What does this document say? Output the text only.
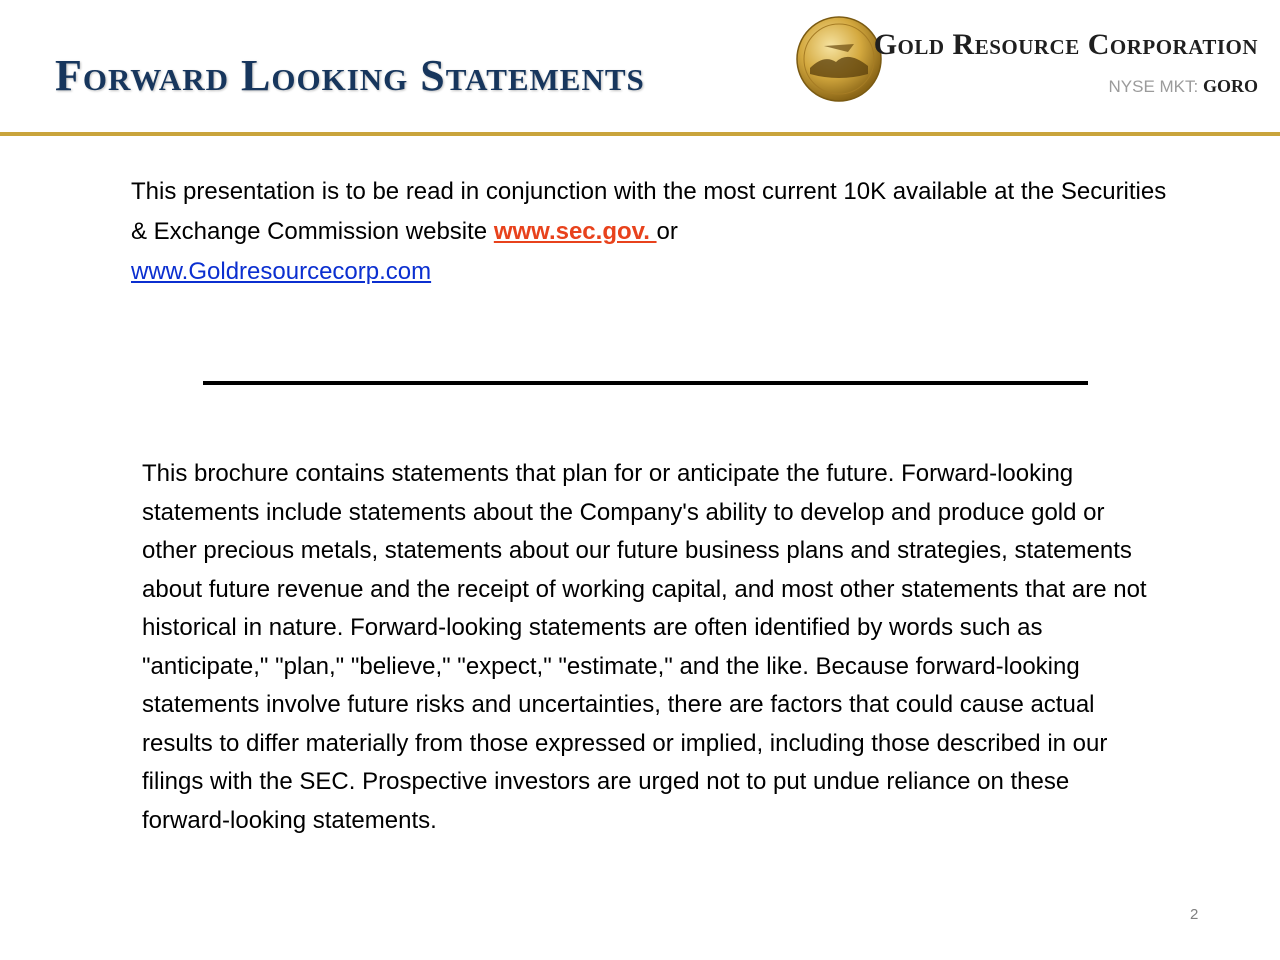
Forward Looking Statements
Gold Resource Corporation
NYSE MKT: GORO

This presentation is to be read in conjunction with the most current 10K available at the Securities & Exchange Commission website www.sec.gov. or
www.Goldresourcecorp.com

This brochure contains statements that plan for or anticipate the future. Forward-looking statements include statements about the Company's ability to develop and produce gold or other precious metals, statements about our future business plans and strategies, statements about future revenue and the receipt of working capital, and most other statements that are not historical in nature. Forward-looking statements are often identified by words such as "anticipate," "plan," "believe," "expect," "estimate," and the like. Because forward-looking statements involve future risks and uncertainties, there are factors that could cause actual results to differ materially from those expressed or implied, including those described in our filings with the SEC. Prospective investors are urged not to put undue reliance on these forward-looking statements.

2
